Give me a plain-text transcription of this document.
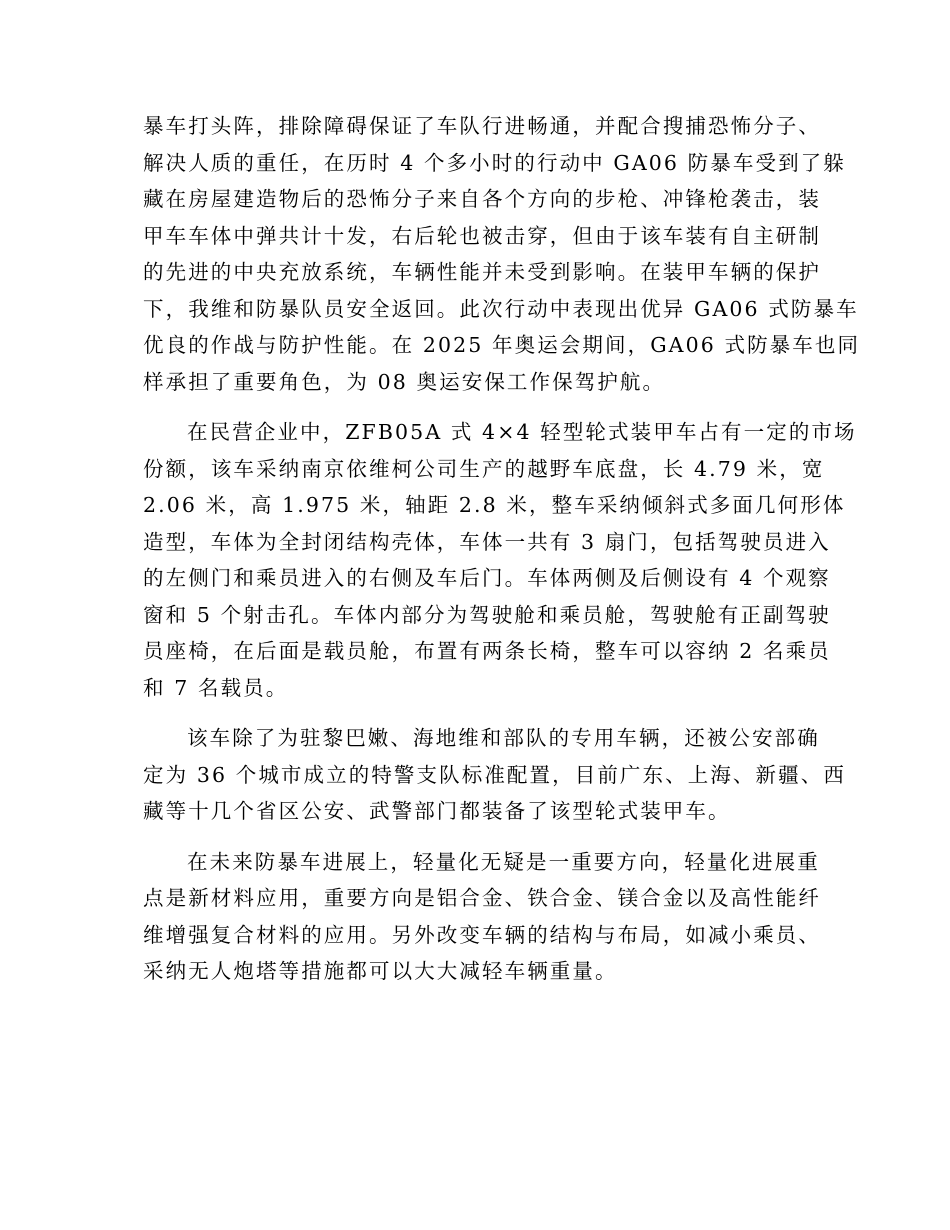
暴车打头阵，排除障碍保证了车队行进畅通，并配合搜捕恐怖分子、
解决人质的重任，在历时 4 个多小时的行动中 GA06 防暴车受到了躲
藏在房屋建造物后的恐怖分子来自各个方向的步枪、冲锋枪袭击，装
甲车车体中弹共计十发，右后轮也被击穿，但由于该车装有自主研制
的先进的中央充放系统，车辆性能并未受到影响。在装甲车辆的保护
下，我维和防暴队员安全返回。此次行动中表现出优异 GA06 式防暴车
优良的作战与防护性能。在 2025 年奥运会期间，GA06 式防暴车也同
样承担了重要角色，为 08 奥运安保工作保驾护航。
在民营企业中，ZFB05A 式 4×4 轻型轮式装甲车占有一定的市场
份额，该车采纳南京依维柯公司生产的越野车底盘，长 4.79 米，宽
2.06 米，高 1.975 米，轴距 2.8 米，整车采纳倾斜式多面几何形体
造型，车体为全封闭结构壳体，车体一共有 3 扇门，包括驾驶员进入
的左侧门和乘员进入的右侧及车后门。车体两侧及后侧设有 4 个观察
窗和 5 个射击孔。车体内部分为驾驶舱和乘员舱，驾驶舱有正副驾驶
员座椅，在后面是载员舱，布置有两条长椅，整车可以容纳 2 名乘员
和 7 名载员。
该车除了为驻黎巴嫩、海地维和部队的专用车辆，还被公安部确
定为 36 个城市成立的特警支队标准配置，目前广东、上海、新疆、西
藏等十几个省区公安、武警部门都装备了该型轮式装甲车。
在未来防暴车进展上，轻量化无疑是一重要方向，轻量化进展重
点是新材料应用，重要方向是铝合金、铁合金、镁合金以及高性能纤
维增强复合材料的应用。另外改变车辆的结构与布局，如减小乘员、
采纳无人炮塔等措施都可以大大减轻车辆重量。
